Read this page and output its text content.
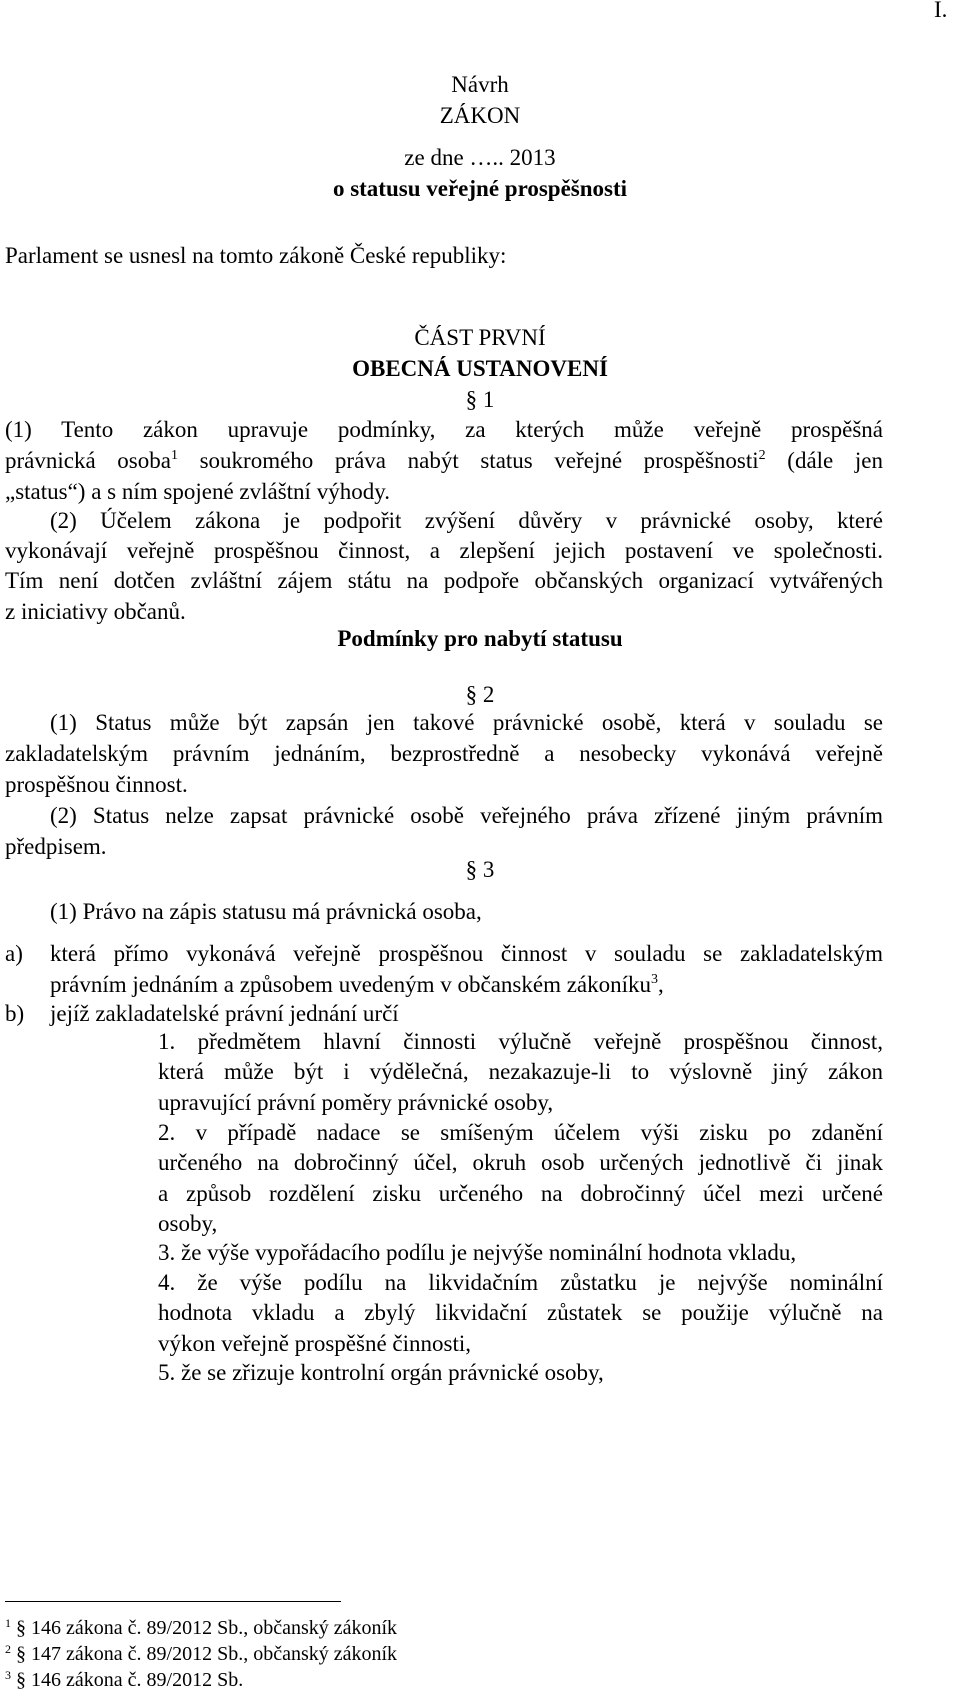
I.
Návrh
ZÁKON
ze dne ….. 2013
o statusu veřejné prospěšnosti
Parlament se usnesl na tomto zákoně České republiky:
ČÁST PRVNÍ
OBECNÁ USTANOVENÍ
§ 1
(1) Tento zákon upravuje podmínky, za kterých může veřejně prospěšná
právnická osoba$^1$ soukromého práva nabýt status veřejné prospěšnosti$^2$ (dále jen
„status“) a s ním spojené zvláštní výhody.
(2) Účelem zákona je podpořit zvýšení důvěry v právnické osoby, které
vykonávají veřejně prospěšnou činnost, a zlepšení jejich postavení ve společnosti.
Tím není dotčen zvláštní zájem státu na podpoře občanských organizací vytvářených
z iniciativy občanů.
Podmínky pro nabytí statusu
§ 2
(1) Status může být zapsán jen takové právnické osobě, která v souladu se
zakladatelským právním jednáním, bezprostředně a nesobecky vykonává veřejně
prospěšnou činnost.
(2) Status nelze zapsat právnické osobě veřejného práva zřízené jiným právním
předpisem.
§ 3
(1) Právo na zápis statusu má právnická osoba,
a) která přímo vykonává veřejně prospěšnou činnost v souladu se zakladatelským
právním jednáním a způsobem uvedeným v občanském zákoníku$^3$,
b) jejíž zakladatelské právní jednání určí
1. předmětem hlavní činnosti výlučně veřejně prospěšnou činnost,
která může být i výdělečná, nezakazuje-li to výslovně jiný zákon
upravující právní poměry právnické osoby,
2. v případě nadace se smíšeným účelem výši zisku po zdanění
určeného na dobročinný účel, okruh osob určených jednotlivě či jinak
a způsob rozdělení zisku určeného na dobročinný účel mezi určené
osoby,
3. že výše vypořádacího podílu je nejvýše nominální hodnota vkladu,
4. že výše podílu na likvidačním zůstatku je nejvýše nominální
hodnota vkladu a zbylý likvidační zůstatek se použije výlučně na
výkon veřejně prospěšné činnosti,
5. že se zřizuje kontrolní orgán právnické osoby,
$^1$ § 146 zákona č. 89/2012 Sb., občanský zákoník
$^2$ § 147 zákona č. 89/2012 Sb., občanský zákoník
$^3$ § 146 zákona č. 89/2012 Sb.
